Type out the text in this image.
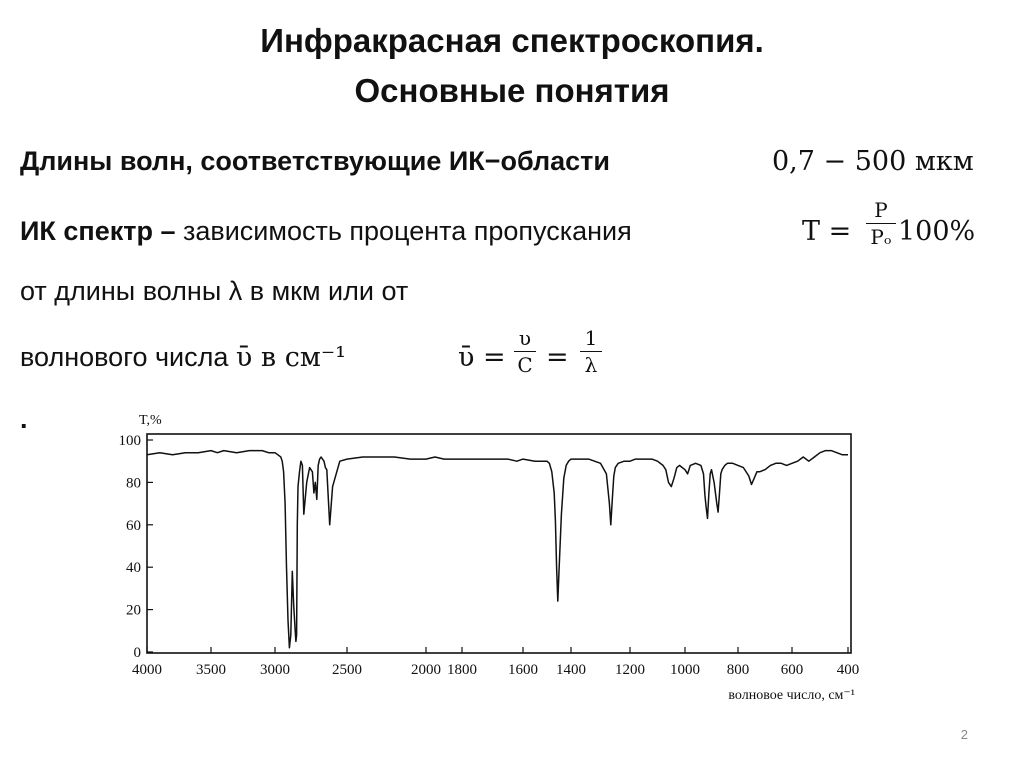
Инфракрасная спектроскопия.
Основные понятия
Длины волн, соответствующие ИК−области	0,7 − 500 мкм
ИК спектр – зависимость процента пропускания	T =
P
Pₒ 100%
от длины волны λ в мкм или от
волнового числа ῡ в см⁻¹	ῡ =
υ
C =
1
λ
.
100
80
60
40
20
0
4000 3500 3000	2500	2000 1800 1600 1400 1200 1000 800 600 400
T,%
волновое число, см⁻¹
2
